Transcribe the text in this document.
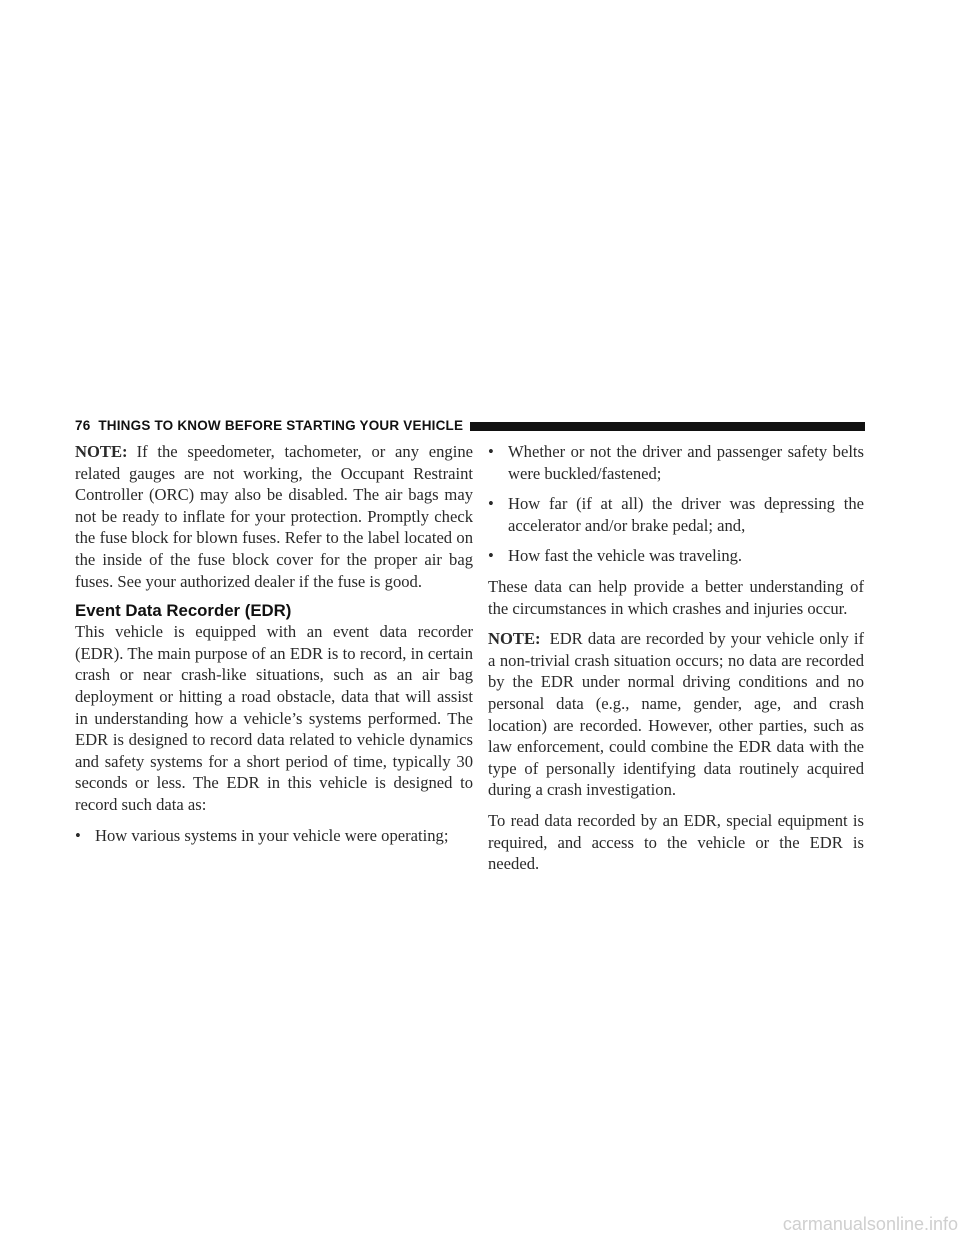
76 THINGS TO KNOW BEFORE STARTING YOUR VEHICLE

NOTE: If the speedometer, tachometer, or any engine related gauges are not working, the Occupant Restraint Controller (ORC) may also be disabled. The air bags may not be ready to inflate for your protection. Promptly check the fuse block for blown fuses. Refer to the label located on the inside of the fuse block cover for the proper air bag fuses. See your authorized dealer if the fuse is good.

Event Data Recorder (EDR)

This vehicle is equipped with an event data recorder (EDR). The main purpose of an EDR is to record, in certain crash or near crash-like situations, such as an air bag deployment or hitting a road obstacle, data that will assist in understanding how a vehicle’s systems performed. The EDR is designed to record data related to vehicle dynamics and safety systems for a short period of time, typically 30 seconds or less. The EDR in this vehicle is designed to record such data as:

• How various systems in your vehicle were operating;
• Whether or not the driver and passenger safety belts were buckled/fastened;
• How far (if at all) the driver was depressing the accelerator and/or brake pedal; and,
• How fast the vehicle was traveling.

These data can help provide a better understanding of the circumstances in which crashes and injuries occur.

NOTE: EDR data are recorded by your vehicle only if a non-trivial crash situation occurs; no data are recorded by the EDR under normal driving conditions and no personal data (e.g., name, gender, age, and crash location) are recorded. However, other parties, such as law enforcement, could combine the EDR data with the type of personally identifying data routinely acquired during a crash investigation.

To read data recorded by an EDR, special equipment is required, and access to the vehicle or the EDR is needed.

carmanualsonline.info
